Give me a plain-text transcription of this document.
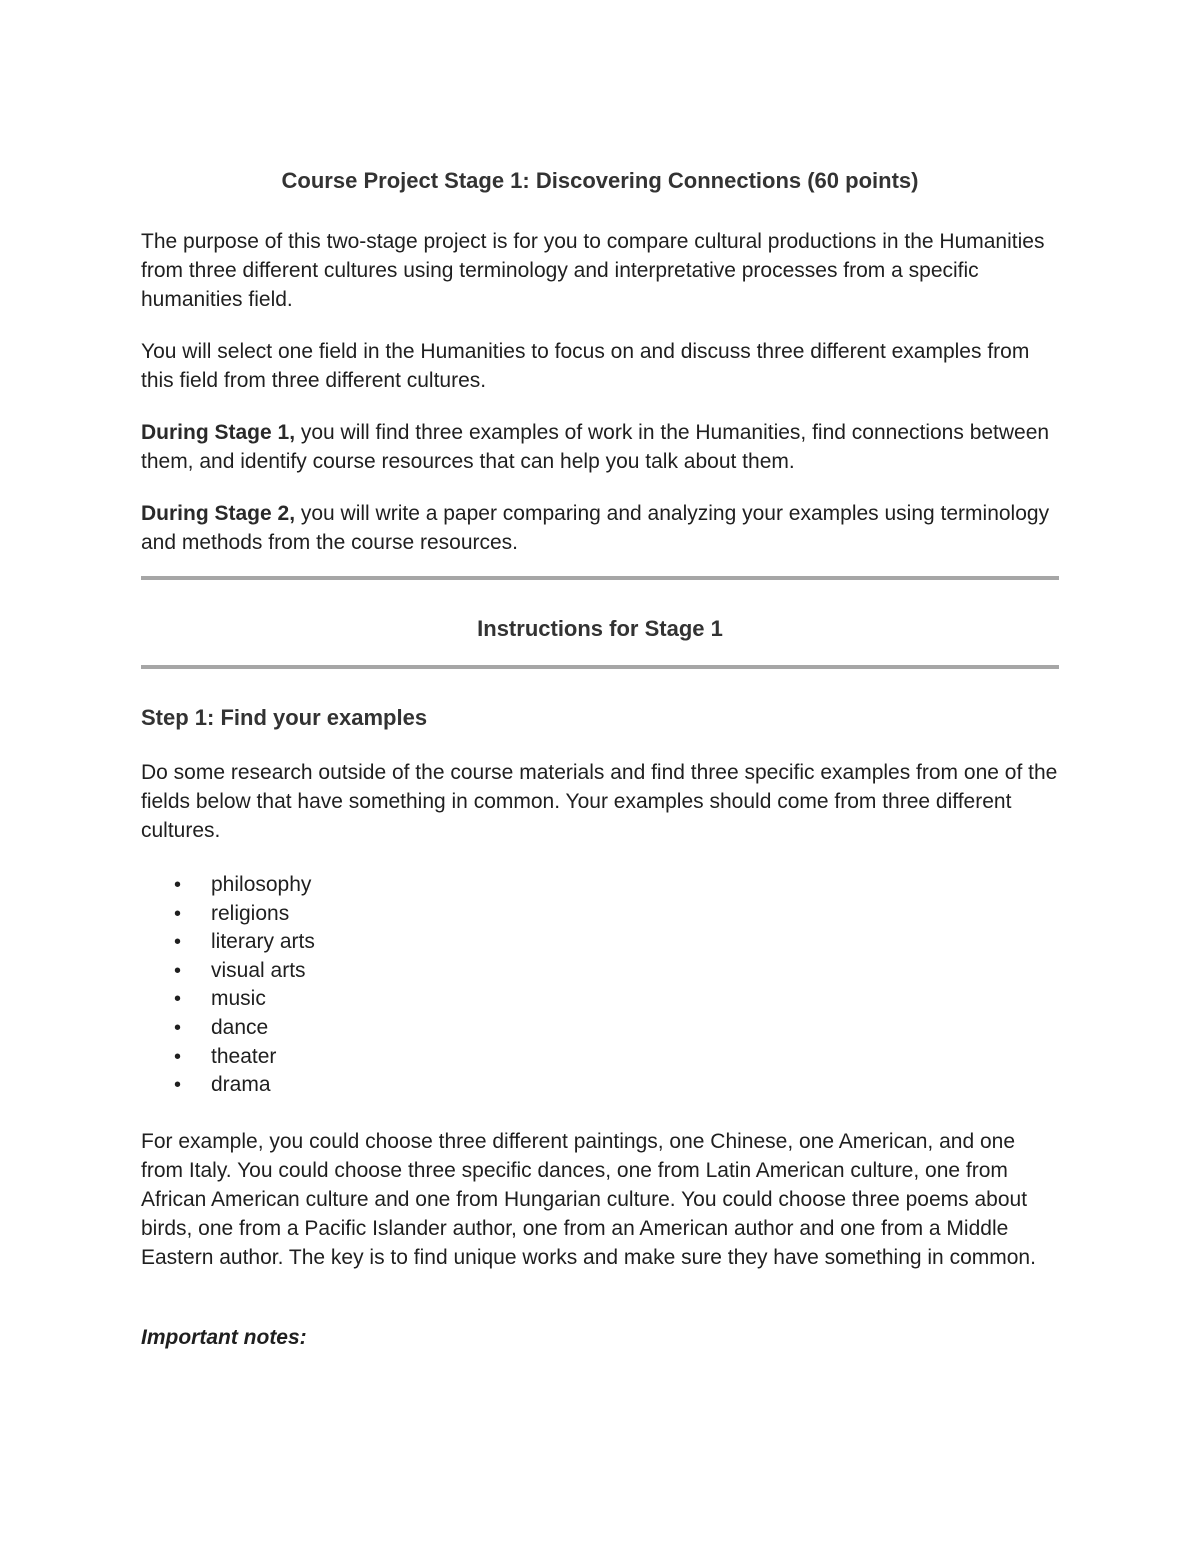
Course Project Stage 1: Discovering Connections (60 points)

The purpose of this two-stage project is for you to compare cultural productions in the Humanities from three different cultures using terminology and interpretative processes from a specific humanities field.

You will select one field in the Humanities to focus on and discuss three different examples from this field from three different cultures.

During Stage 1, you will find three examples of work in the Humanities, find connections between them, and identify course resources that can help you talk about them.

During Stage 2, you will write a paper comparing and analyzing your examples using terminology and methods from the course resources.

Instructions for Stage 1
Step 1: Find your examples

Do some research outside of the course materials and find three specific examples from one of the fields below that have something in common. Your examples should come from three different cultures.

• philosophy
• religions
• literary arts
• visual arts
• music
• dance
• theater
• drama

For example, you could choose three different paintings, one Chinese, one American, and one from Italy. You could choose three specific dances, one from Latin American culture, one from African American culture and one from Hungarian culture. You could choose three poems about birds, one from a Pacific Islander author, one from an American author and one from a Middle Eastern author. The key is to find unique works and make sure they have something in common.

Important notes:
